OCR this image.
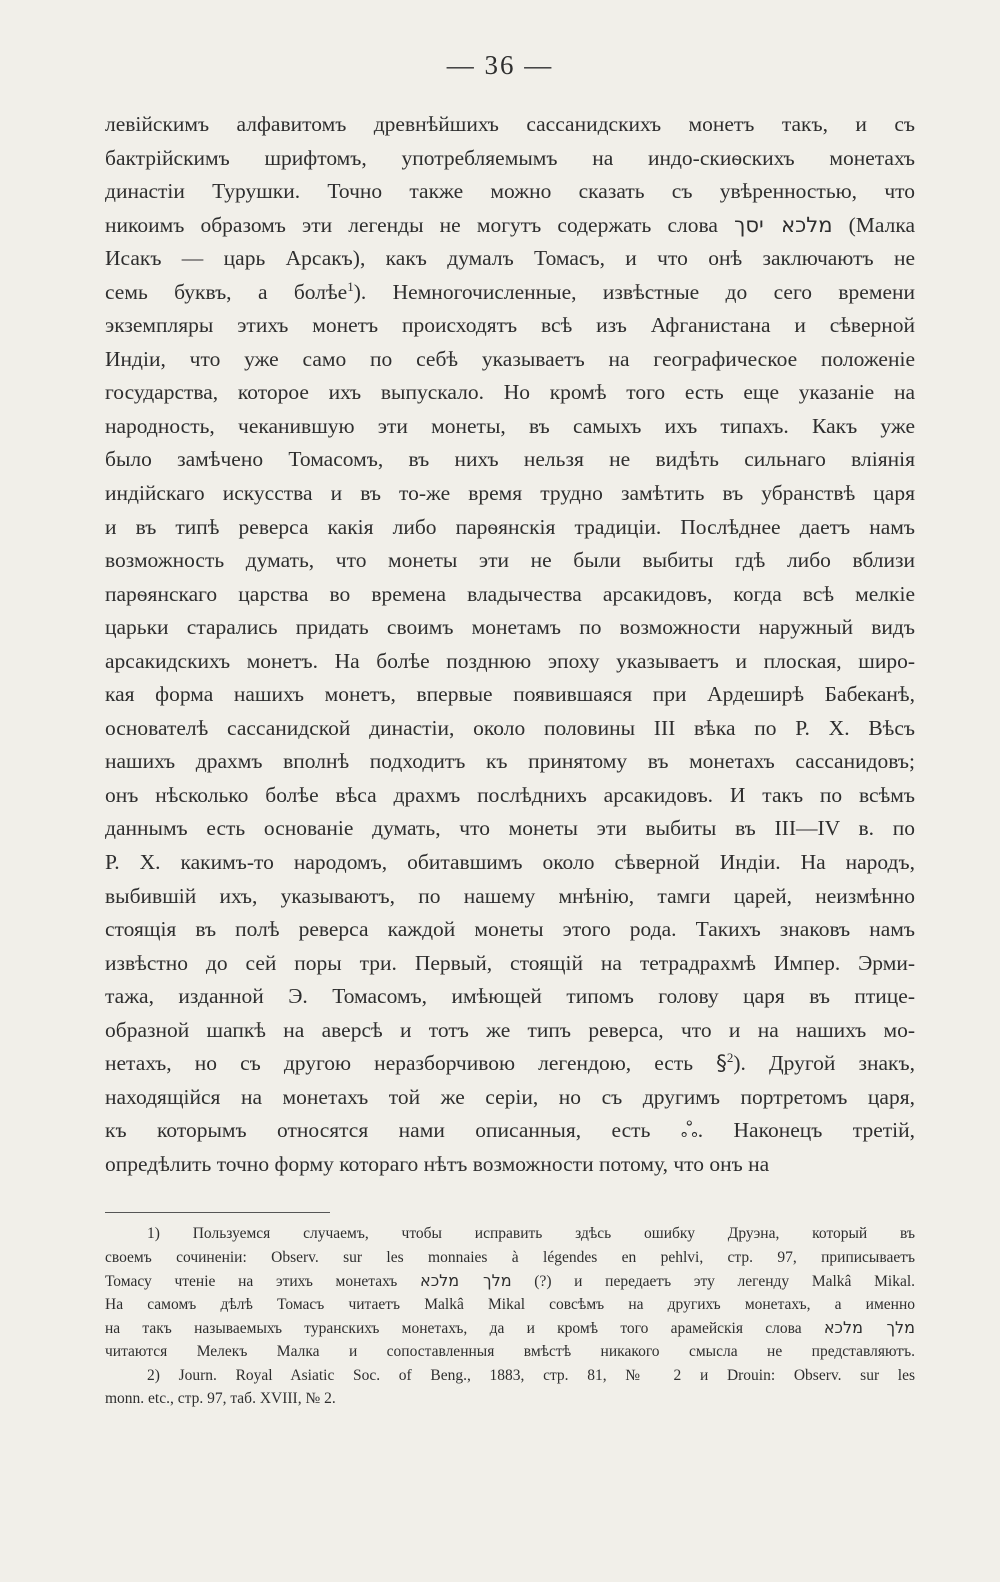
— 36 —
левійскимъ алфавитомъ древнѣйшихъ сассанидскихъ монетъ такъ, и съ
бактрійскимъ шрифтомъ, употребляемымъ на индо-скиѳскихъ монетахъ
династіи Турушки. Точно также можно сказать съ увѣренностью, что
никоимъ образомъ эти легенды не могутъ содержать слова מלכא יסך (Малка
Исакъ — царь Арсакъ), какъ думалъ Томасъ, и что онѣ заключаютъ не
семь буквъ, а болѣе$^1$). Немногочисленные, извѣстные до сего времени
экземпляры этихъ монетъ происходятъ всѣ изъ Афганистана и сѣверной
Индіи, что уже само по себѣ указываетъ на географическое положеніе
государства, которое ихъ выпускало. Но кромѣ того есть еще указаніе на
народность, чеканившую эти монеты, въ самыхъ ихъ типахъ. Какъ уже
было замѣчено Томасомъ, въ нихъ нельзя не видѣть сильнаго вліянія
индійскаго искусства и въ то-же время трудно замѣтить въ убранствѣ царя
и въ типѣ реверса какія либо парѳянскія традиціи. Послѣднее даетъ намъ
возможность думать, что монеты эти не были выбиты гдѣ либо вблизи
парѳянскаго царства во времена владычества арсакидовъ, когда всѣ мелкіе
царьки старались придать своимъ монетамъ по возможности наружный видъ
арсакидскихъ монетъ. На болѣе позднюю эпоху указываетъ и плоская, широ-
кая форма нашихъ монетъ, впервые появившаяся при Ардеширѣ Бабеканѣ,
основателѣ сассанидской династіи, около половины III вѣка по Р. Х. Вѣсъ
нашихъ драхмъ вполнѣ подходитъ къ принятому въ монетахъ сассанидовъ;
онъ нѣсколько болѣе вѣса драхмъ послѣднихъ арсакидовъ. И такъ по всѣмъ
даннымъ есть основаніе думать, что монеты эти выбиты въ III—IV в. по
Р. Х. какимъ-то народомъ, обитавшимъ около сѣверной Индіи. На народъ,
выбившій ихъ, указываютъ, по нашему мнѣнію, тамги царей, неизмѣнно
стоящія въ полѣ реверса каждой монеты этого рода. Такихъ знаковъ намъ
извѣстно до сей поры три. Первый, стоящій на тетрадрахмѣ Импер. Эрми-
тажа, изданной Э. Томасомъ, имѣющей типомъ голову царя въ птице-
образной шапкѣ на аверсѣ и тотъ же типъ реверса, что и на нашихъ мо-
нетахъ, но съ другою неразборчивою легендою, есть §$^2$). Другой знакъ,
находящійся на монетахъ той же серіи, но съ другимъ портретомъ царя,
къ которымъ относятся нами описанныя, есть ஃ. Наконецъ третій,
опредѣлить точно форму котораго нѣтъ возможности потому, что онъ на
1) Пользуемся случаемъ, чтобы исправить здѣсь ошибку Друэна, который въ
своемъ сочиненіи: Observ. sur les monnaies à légendes en pehlvi, стр. 97, приписываетъ
Томасу чтеніе на этихъ монетахъ מלך מלכא (?) и передаетъ эту легенду Malkâ Mikal.
На самомъ дѣлѣ Томасъ читаетъ Malkâ Mikal совсѣмъ на другихъ монетахъ, а именно
на такъ называемыхъ туранскихъ монетахъ, да и кромѣ того арамейскія слова מלך מלכא
читаются Мелекъ Малка и сопоставленныя вмѣстѣ никакого смысла не представляютъ.
2) Journ. Royal Asiatic Soc. of Beng., 1883, стр. 81, № 2 и Drouin: Observ. sur les
monn. etc., стр. 97, таб. XVIII, № 2.
